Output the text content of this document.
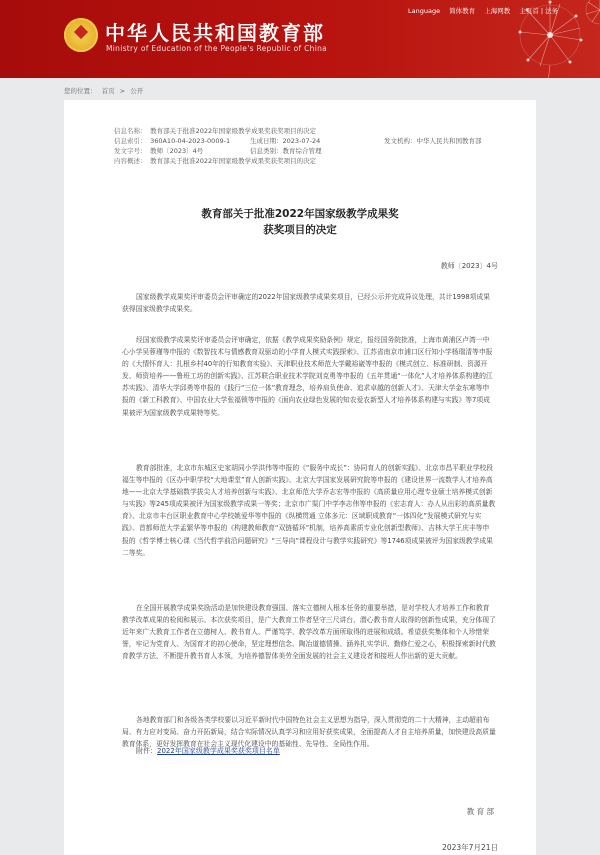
中华人民共和国教育部
Ministry of Education of the People's Republic of China
Language 简体教育 上海网教 主页首 | 法务
您的位置： 首页 > 公开
信息名称： 教育部关于批准2022年国家级教学成果奖获奖项目的决定
信息索引： 360A10-04-2023-0009-1	生成日期：2023-07-24	发文机构：中华人民共和国教育部
发文字号： 教师〔2023〕4号	信息类别：教育综合管理
内容概述： 教育部关于批准2022年国家级教学成果奖获奖项目的决定
教育部关于批准2022年国家级教学成果奖
获奖项目的决定
教师〔2023〕4号

国家级教学成果奖评审委员会评审确定的2022年国家级教学成果奖项目，已经公示并完成异议处理，共计1998项成果获得国家级教学成果奖。

经国家级教学成果奖评审委员会评审确定，依据《教学成果奖励条例》规定，报经国务院批准，上海市黄浦区卢湾一中心小学吴蓉瑾等申报的《数智技术与情感教育双驱动的小学育人模式实践探索》、江苏省南京市浦口区行知小学杨瑞清等申报的《大情怀育人：扎根乡村40年的行知教育实验》、天津职业技术师范大学戴裕崴等申报的《模式创立、标准研制、资源开发、师资培养——鲁班工坊的创新实践》、江苏联合职业技术学院刘克勇等申报的《五年贯通“一体化”人才培养体系构建的江苏实践》、清华大学邱勇等申报的《践行“三位一体”教育理念，培养肩负使命、追求卓越的创新人才》、天津大学金东寒等申报的《新工科教育》、中国农业大学张福锁等申报的《面向农业绿色发展的知农爱农新型人才培养体系构建与实践》等7项成果被评为国家级教学成果特等奖。

教育部批准，北京市东城区史家胡同小学洪伟等申报的《“服务中成长”：协同育人的创新实践》、北京市昌平职业学校段福生等申报的《区办中职学校“大地课堂”育人创新实践》、北京大学国家发展研究院等申报的《建设世界一流数学人才培养高地——北京大学基础数学拔尖人才培养创新与实践》、北京师范大学乔志宏等申报的《高质量应用心理专业硕士培养模式创新与实践》等245项成果被评为国家级教学成果一等奖；北京市广渠门中学李志伟等申报的《宏志育人：办人从出彩的高质量教育》、北京市丰台区职业教育中心学校姚爱华等申报的《纵横贯通 立体多元：区域职成教育“一体四化”发展模式研究与实践》、首都师范大学孟繁华等申报的《构建教师教育“双链循环”机制，培养高素质专业化创新型教师》、吉林大学王庆丰等申报的《哲学博士核心课《当代哲学前沿问题研究》“三导向”课程设计与教学实践研究》等1746项成果被评为国家级教学成果二等奖。

在全国开展教学成果奖励活动是加快建设教育强国、落实立德树人根本任务的重要举措，是对学校人才培养工作和教育教学改革成果的检阅和展示。本次获奖项目，是广大教育工作者坚守三尺讲台、潜心教书育人取得的创新性成果，充分体现了近年来广大教育工作者在立德树人、教书育人、严谨笃学、教学改革方面所取得的进展和成绩。希望获奖集体和个人珍惜荣誉，牢记为党育人、为国育才的初心使命，坚定理想信念、陶冶道德情操、涵养扎实学识、勤修仁爱之心，积极探索新时代教育教学方法，不断提升教书育人本领，为培养德智体美劳全面发展的社会主义建设者和接班人作出新的更大贡献。

各地教育部门和各级各类学校要以习近平新时代中国特色社会主义思想为指导，深入贯彻党的二十大精神，主动超前布局、有力应对变局、奋力开拓新局，结合实际情况认真学习和应用好获奖成果，全面提高人才自主培养质量，加快建设高质量教育体系，更好发挥教育在社会主义现代化建设中的基础性、先导性、全局性作用。

附件：2022年国家级教学成果奖获奖项目名单
教 育 部
2023年7月21日
